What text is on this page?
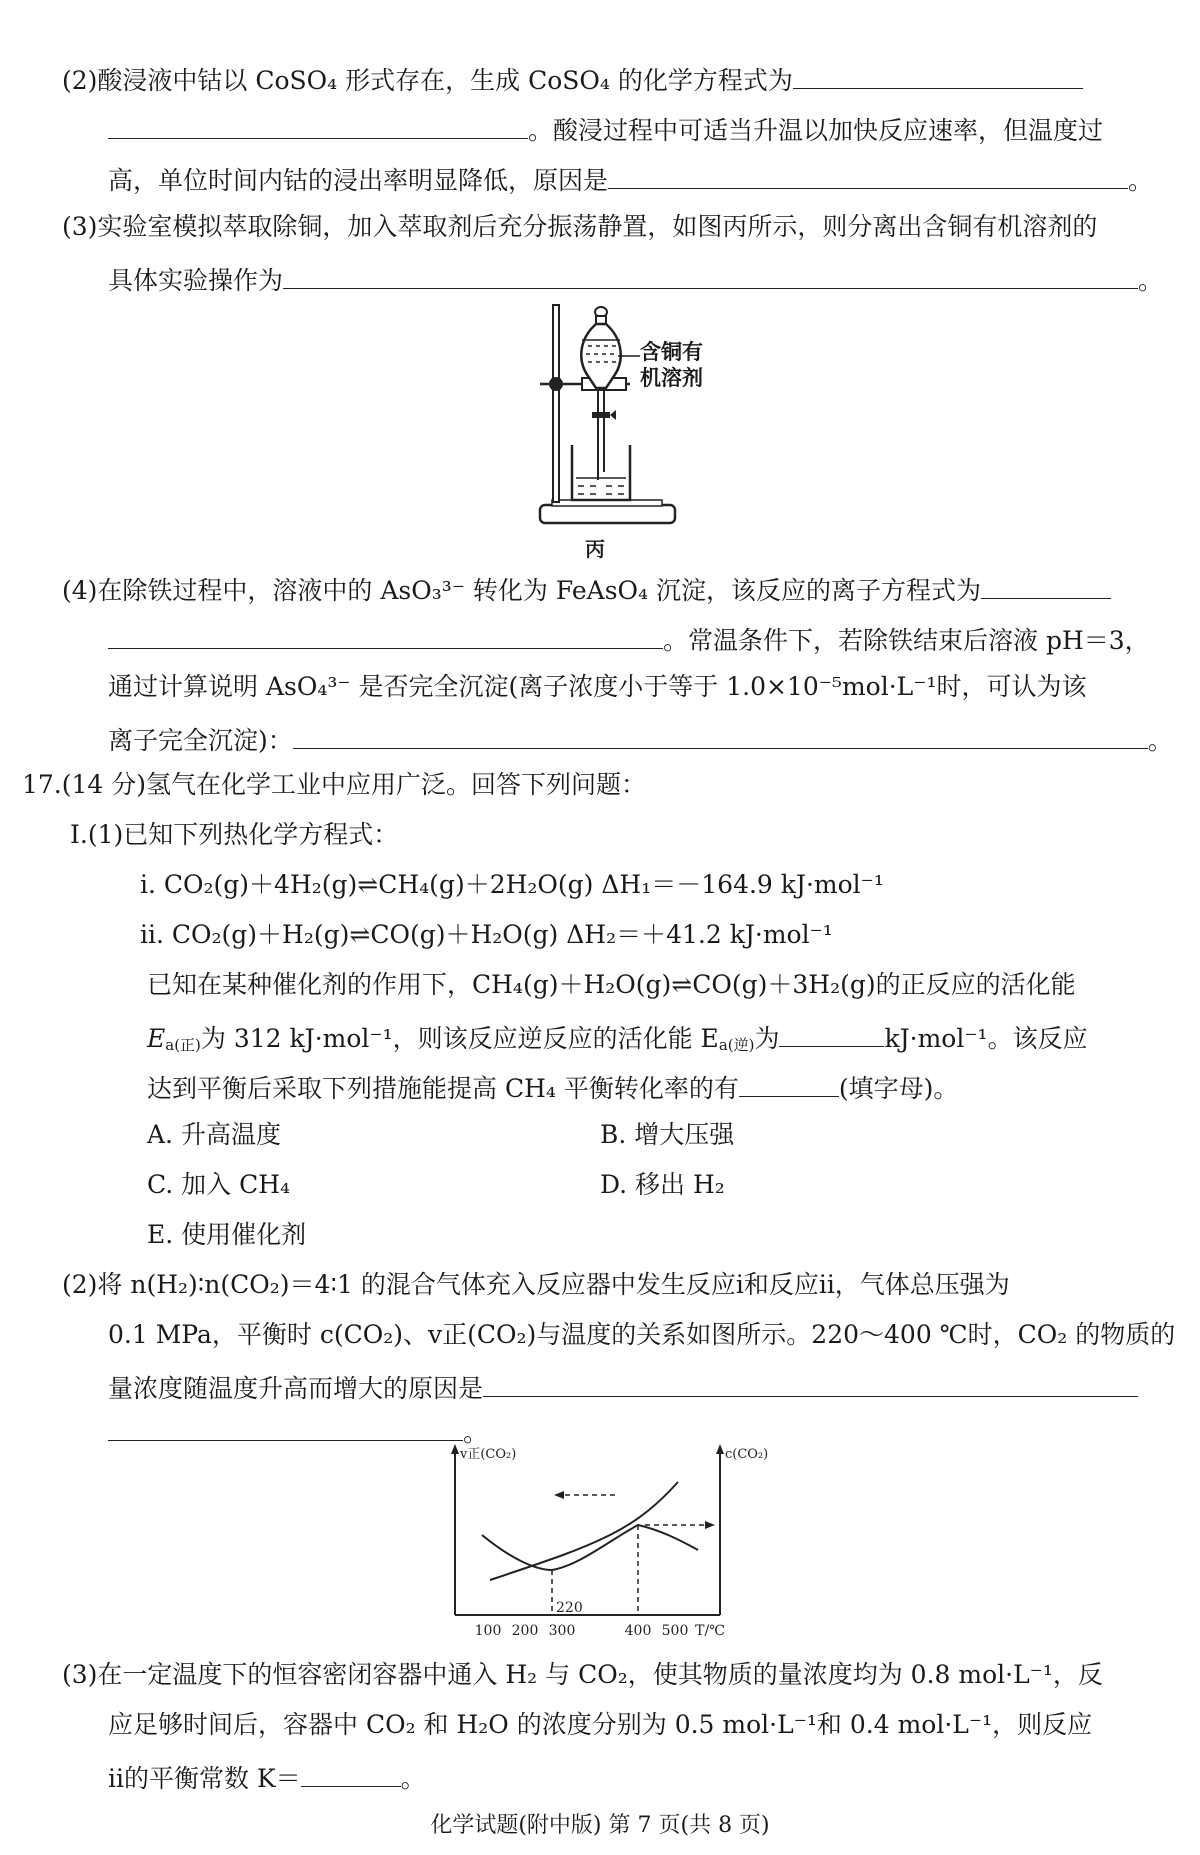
(2)酸浸液中钴以 CoSO₄ 形式存在，生成 CoSO₄ 的化学方程式为
。酸浸过程中可适当升温以加快反应速率，但温度过
高，单位时间内钴的浸出率明显降低，原因是	。
(3)实验室模拟萃取除铜，加入萃取剂后充分振荡静置，如图丙所示，则分离出含铜有机溶剂的
具体实验操作为	。
含铜有
机溶剂
丙
(4)在除铁过程中，溶液中的 AsO₃³⁻ 转化为 FeAsO₄ 沉淀，该反应的离子方程式为
。常温条件下，若除铁结束后溶液 pH＝3，
通过计算说明 AsO₄³⁻ 是否完全沉淀(离子浓度小于等于 1.0×10⁻⁵mol·L⁻¹时，可认为该
离子完全沉淀)：	。
17.(14 分)氢气在化学工业中应用广泛。回答下列问题：
Ⅰ.(1)已知下列热化学方程式：
ⅰ. CO₂(g)＋4H₂(g)⇌CH₄(g)＋2H₂O(g) ΔH₁＝－164.9 kJ·mol⁻¹
ⅱ. CO₂(g)＋H₂(g)⇌CO(g)＋H₂O(g) ΔH₂＝＋41.2 kJ·mol⁻¹
已知在某种催化剂的作用下，CH₄(g)＋H₂O(g)⇌CO(g)＋3H₂(g)的正反应的活化能
$E_{a(正)}$为 312 kJ·mol⁻¹，则该反应逆反应的活化能 $E_{a(逆)}$为	kJ·mol⁻¹。该反应
达到平衡后采取下列措施能提高 CH₄ 平衡转化率的有	(填字母)。
A. 升高温度	B. 增大压强
C. 加入 CH₄	D. 移出 H₂
E. 使用催化剂
(2)将 n(H₂)∶n(CO₂)＝4∶1 的混合气体充入反应器中发生反应ⅰ和反应ⅱ，气体总压强为
0.1 MPa，平衡时 c(CO₂)、v正(CO₂)与温度的关系如图所示。220～400 ℃时，CO₂ 的物质的
量浓度随温度升高而增大的原因是
。
v正(CO₂)	c(CO₂)
220
100 200 300	400 500 T/℃
(3)在一定温度下的恒容密闭容器中通入 H₂ 与 CO₂，使其物质的量浓度均为 0.8 mol·L⁻¹，反
应足够时间后，容器中 CO₂ 和 H₂O 的浓度分别为 0.5 mol·L⁻¹和 0.4 mol·L⁻¹，则反应
ⅱ的平衡常数 K＝	。
化学试题(附中版) 第 7 页(共 8 页)
